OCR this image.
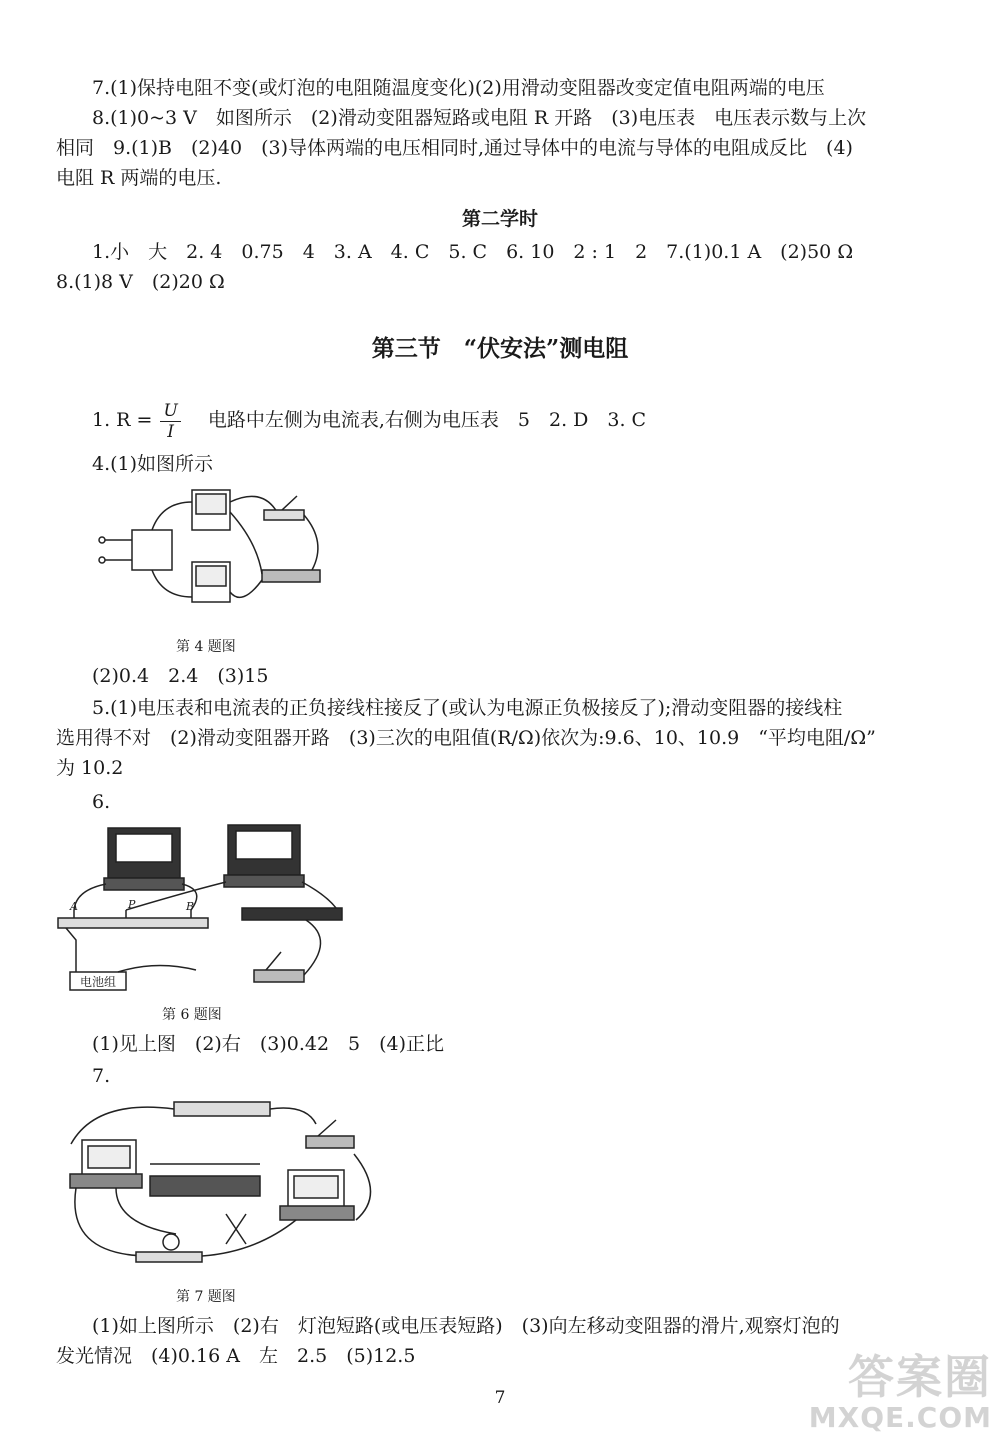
7.(1)保持电阻不变(或灯泡的电阻随温度变化)(2)用滑动变阻器改变定值电阻两端的电压
8.(1)0~3 V　如图所示　(2)滑动变阻器短路或电阻 R 开路　(3)电压表　电压表示数与上次
相同　9.(1)B　(2)40　(3)导体两端的电压相同时,通过导体中的电流与导体的电阻成反比　(4)
电阻 R 两端的电压.
第二学时
1.小　大　2. 4　0.75　4　3. A　4. C　5. C　6. 10　2 : 1　2　7.(1)0.1 A　(2)50 Ω
8.(1)8 V　(2)20 Ω
第三节　“伏安法”测电阻
1. $R = \frac{U}{I}$ 　电路中左侧为电流表,右侧为电压表　5　2. D　3. C
4.(1)如图所示
第 4 题图
(2)0.4　2.4　(3)15
5.(1)电压表和电流表的正负接线柱接反了(或认为电源正负极接反了);滑动变阻器的接线柱
选用得不对　(2)滑动变阻器开路　(3)三次的电阻值(R/Ω)依次为:9.6、10、10.9　“平均电阻/Ω”
为 10.2
6.
A	P	B
电池组
第 6 题图
(1)见上图　(2)右　(3)0.42　5　(4)正比
7.
第 7 题图
(1)如上图所示　(2)右　灯泡短路(或电压表短路)　(3)向左移动变阻器的滑片,观察灯泡的
发光情况　(4)0.16 A　左　2.5　(5)12.5
7	答案圈
MXQE.COM
